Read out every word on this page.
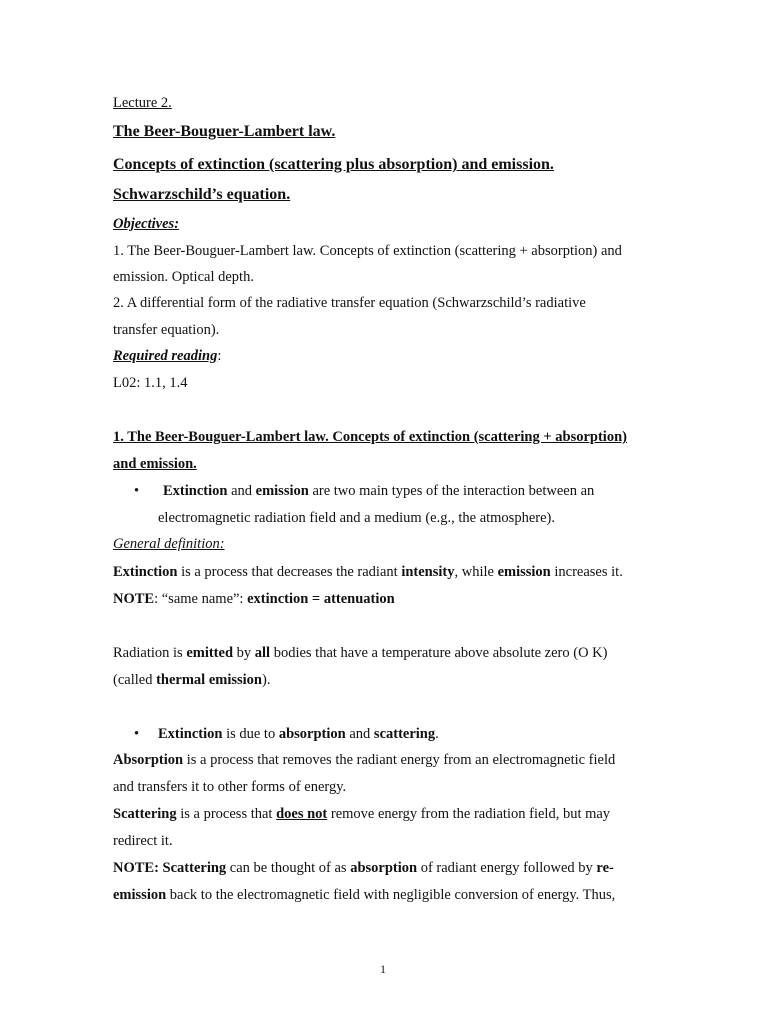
Lecture 2.
The Beer-Bouguer-Lambert law.
Concepts of extinction (scattering plus absorption) and emission.
Schwarzschild’s equation.
Objectives:
1. The Beer-Bouguer-Lambert law. Concepts of extinction (scattering + absorption) and
emission. Optical depth.
2. A differential form of the radiative transfer equation (Schwarzschild’s radiative
transfer equation).
Required reading:
L02: 1.1, 1.4
1. The Beer-Bouguer-Lambert law. Concepts of extinction (scattering + absorption)
and emission.
• Extinction and emission are two main types of the interaction between an
electromagnetic radiation field and a medium (e.g., the atmosphere).
General definition:
Extinction is a process that decreases the radiant intensity, while emission increases it.
NOTE: “same name”: extinction = attenuation
Radiation is emitted by all bodies that have a temperature above absolute zero (O K)
(called thermal emission).
• Extinction is due to absorption and scattering.
Absorption is a process that removes the radiant energy from an electromagnetic field
and transfers it to other forms of energy.
Scattering is a process that does not remove energy from the radiation field, but may
redirect it.
NOTE: Scattering can be thought of as absorption of radiant energy followed by re-
emission back to the electromagnetic field with negligible conversion of energy. Thus,
1
